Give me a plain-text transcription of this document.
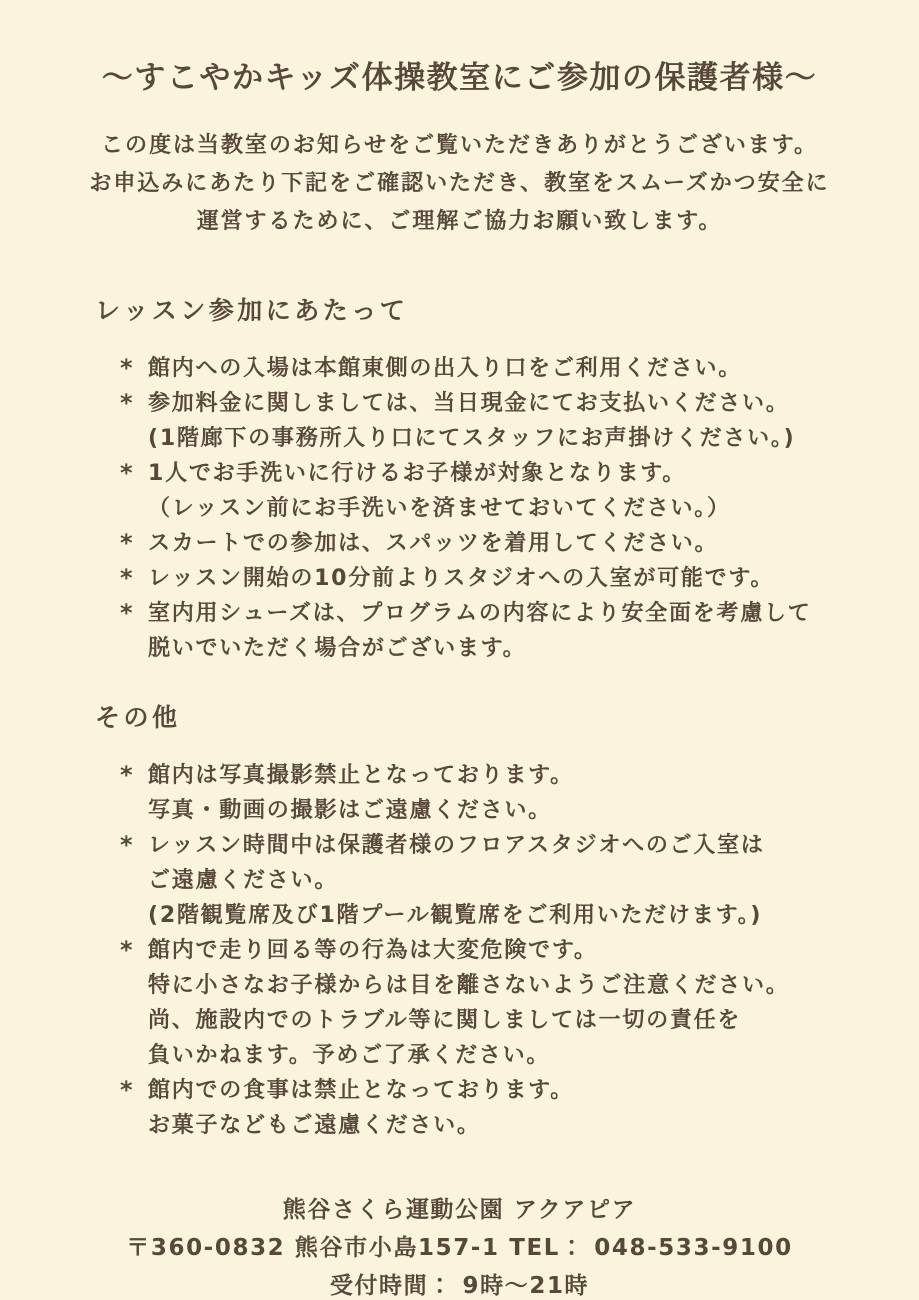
〜すこやかキッズ体操教室にご参加の保護者様〜
この度は当教室のお知らせをご覧いただきありがとうございます。
お申込みにあたり下記をご確認いただき、教室をスムーズかつ安全に
運営するために、ご理解ご協力お願い致します。
レッスン参加にあたって
* 館内への入場は本館東側の出入り口をご利用ください。
* 参加料金に関しましては、当日現金にてお支払いください。
(1階廊下の事務所入り口にてスタッフにお声掛けください。)
* 1人でお手洗いに行けるお子様が対象となります。
（レッスン前にお手洗いを済ませておいてください。）
* スカートでの参加は、スパッツを着用してください。
* レッスン開始の10分前よりスタジオへの入室が可能です。
* 室内用シューズは、プログラムの内容により安全面を考慮して
脱いでいただく場合がございます。
その他
* 館内は写真撮影禁止となっております。
写真・動画の撮影はご遠慮ください。
* レッスン時間中は保護者様のフロアスタジオへのご入室は
ご遠慮ください。
(2階観覧席及び1階プール観覧席をご利用いただけます。)
* 館内で走り回る等の行為は大変危険です。
特に小さなお子様からは目を離さないようご注意ください。
尚、施設内でのトラブル等に関しましては一切の責任を
負いかねます。予めご了承ください。
* 館内での食事は禁止となっております。
お菓子などもご遠慮ください。
熊谷さくら運動公園 アクアピア
〒360-0832 熊谷市小島157-1 TEL： 048-533-9100
受付時間： 9時〜21時
